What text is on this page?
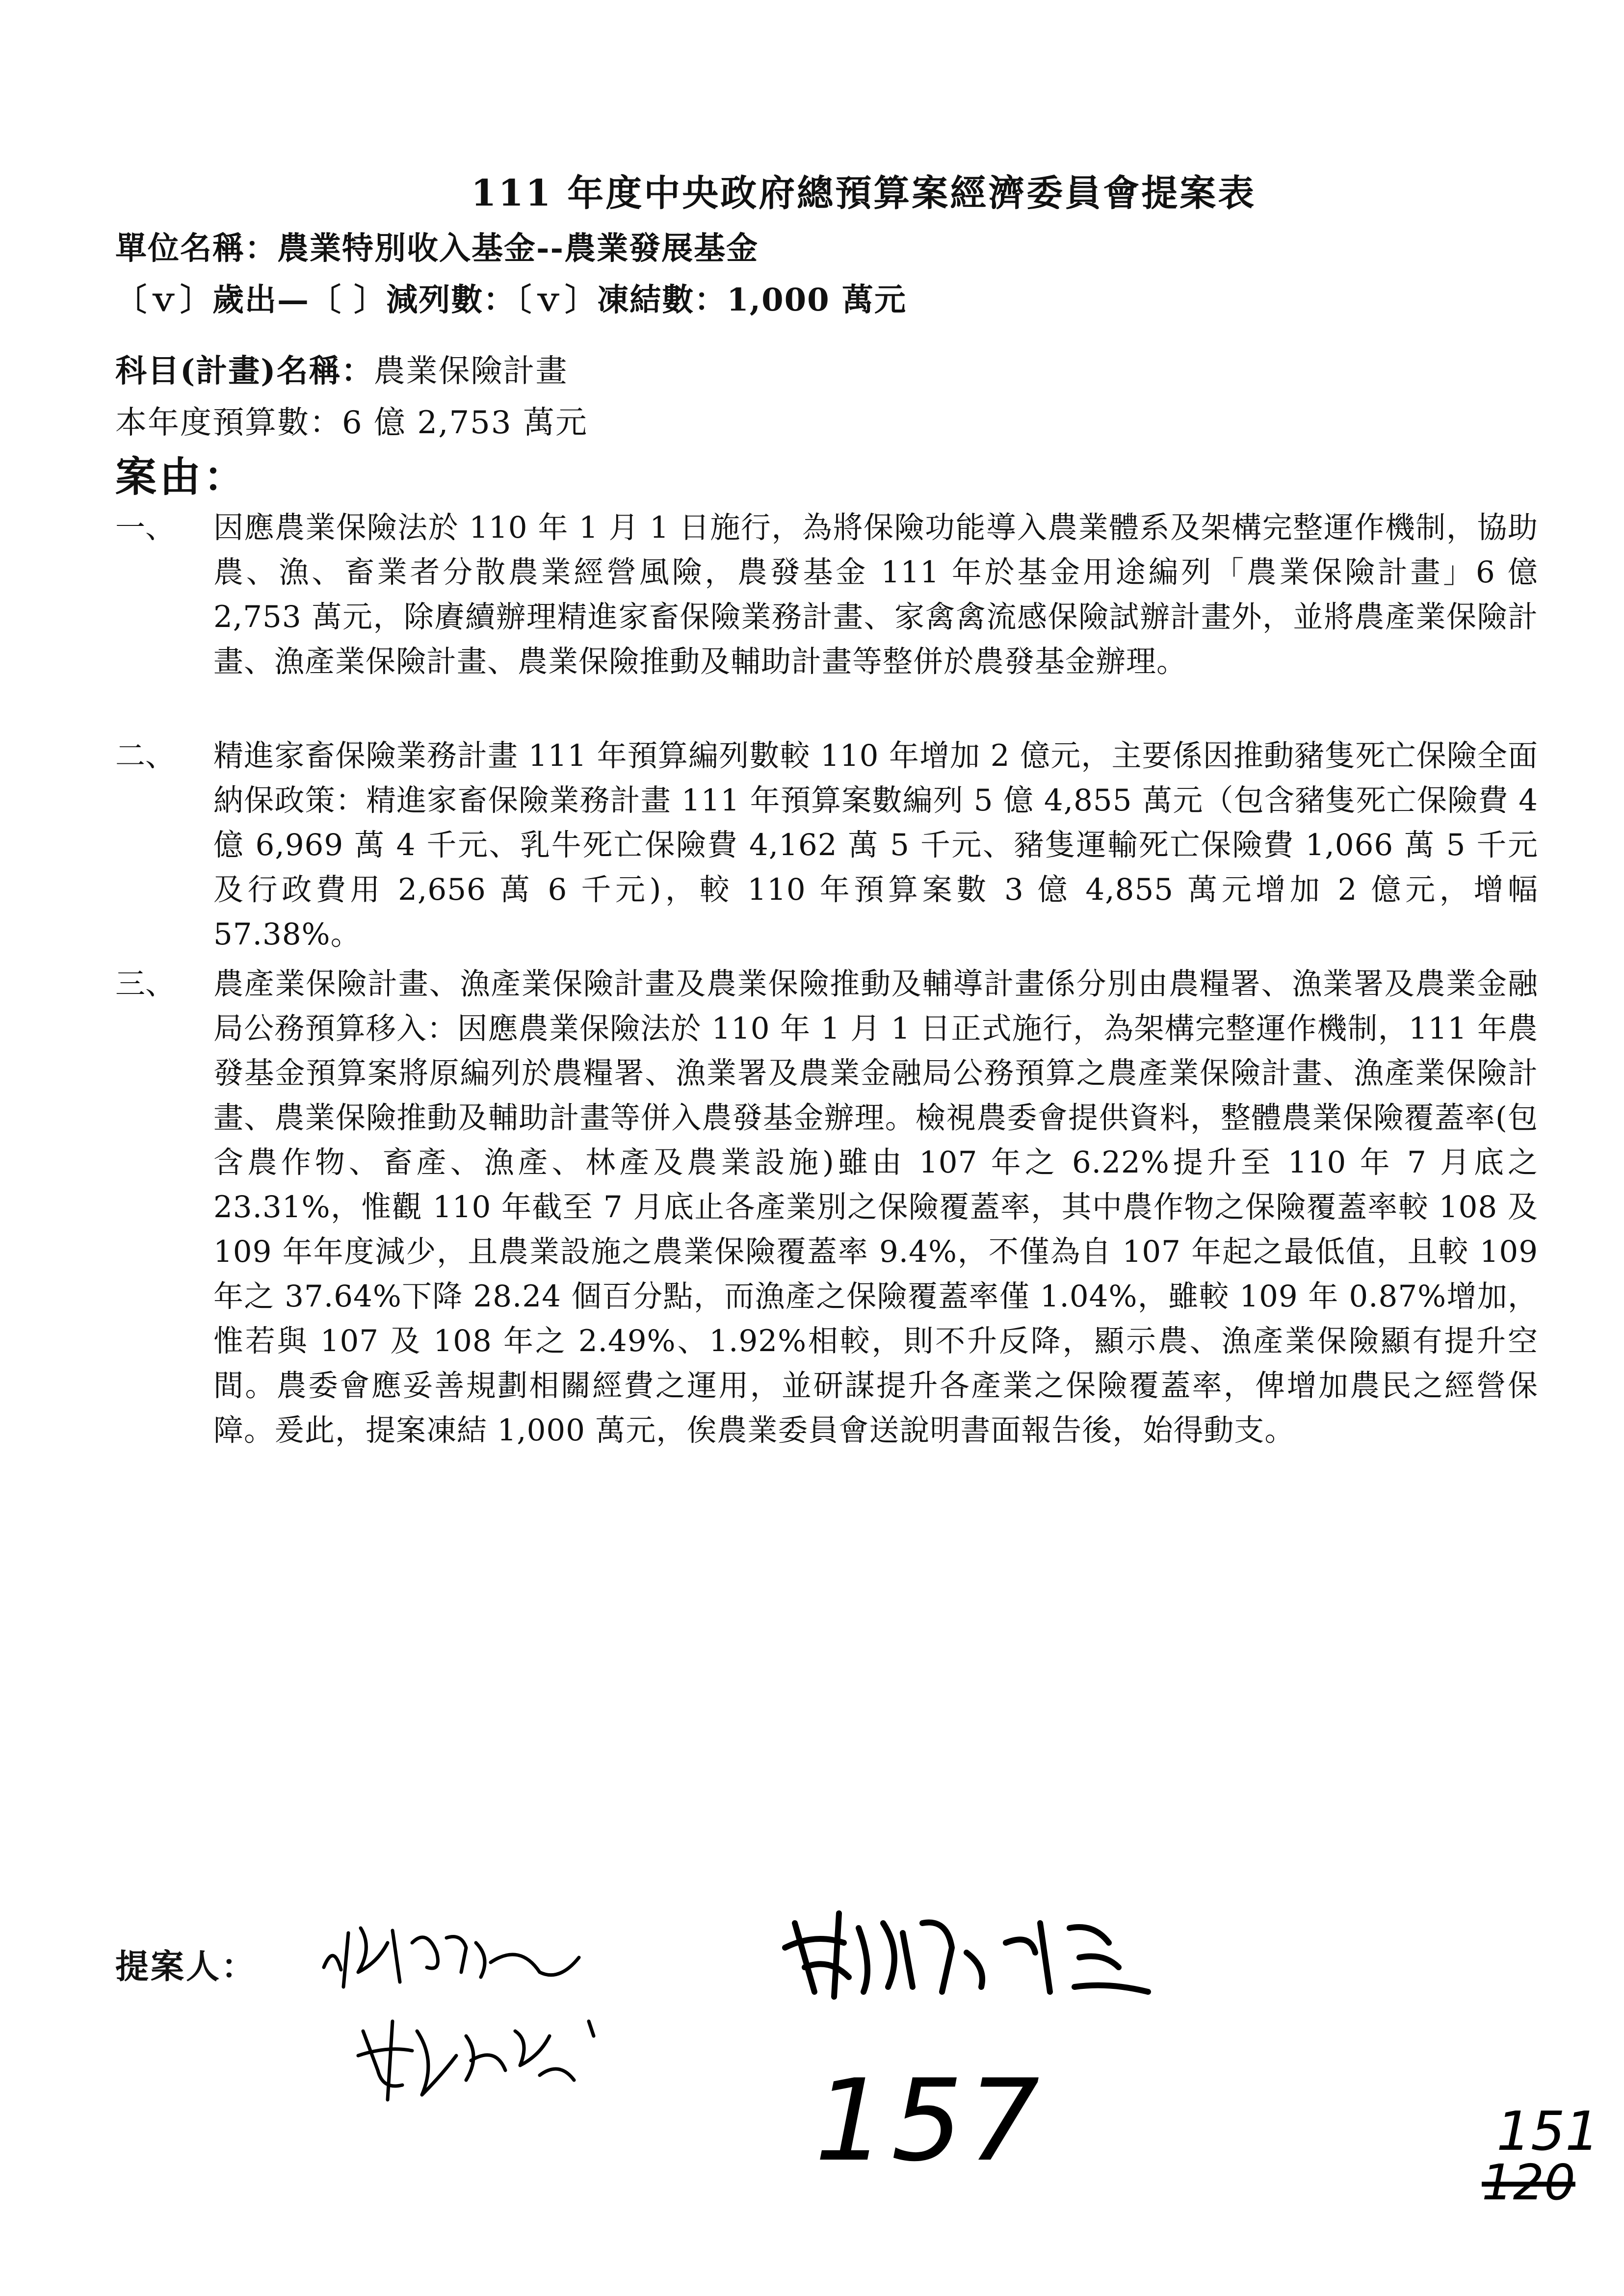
111 年度中央政府總預算案經濟委員會提案表
單位名稱：農業特別收入基金--農業發展基金
〔ｖ〕歲出—〔 〕減列數：〔ｖ〕凍結數：1,000 萬元
科目(計畫)名稱：農業保險計畫
本年度預算數：6 億 2,753 萬元
案由：
一、	因應農業保險法於 110 年 1 月 1 日施行，為將保險功能導入農業體系及架構完整運作機制，協助農、漁、畜業者分散農業經營風險，農發基金 111 年於基金用途編列「農業保險計畫」6 億 2,753 萬元，除賡續辦理精進家畜保險業務計畫、家禽禽流感保險試辦計畫外，並將農產業保險計畫、漁產業保險計畫、農業保險推動及輔助計畫等整併於農發基金辦理。
二、	精進家畜保險業務計畫 111 年預算編列數較 110 年增加 2 億元，主要係因推動豬隻死亡保險全面納保政策：精進家畜保險業務計畫 111 年預算案數編列 5 億 4,855 萬元（包含豬隻死亡保險費 4 億 6,969 萬 4 千元、乳牛死亡保險費 4,162 萬 5 千元、豬隻運輸死亡保險費 1,066 萬 5 千元及行政費用 2,656 萬 6 千元)，較 110 年預算案數 3 億 4,855 萬元增加 2 億元，增幅 57.38%。
三、	農產業保險計畫、漁產業保險計畫及農業保險推動及輔導計畫係分別由農糧署、漁業署及農業金融局公務預算移入：因應農業保險法於 110 年 1 月 1 日正式施行，為架構完整運作機制，111 年農發基金預算案將原編列於農糧署、漁業署及農業金融局公務預算之農產業保險計畫、漁產業保險計畫、農業保險推動及輔助計畫等併入農發基金辦理。檢視農委會提供資料，整體農業保險覆蓋率(包含農作物、畜產、漁產、林產及農業設施)雖由 107 年之 6.22%提升至 110 年 7 月底之 23.31%，惟觀 110 年截至 7 月底止各產業別之保險覆蓋率，其中農作物之保險覆蓋率較 108 及 109 年年度減少，且農業設施之農業保險覆蓋率 9.4%，不僅為自 107 年起之最低值，且較 109 年之 37.64%下降 28.24 個百分點，而漁產之保險覆蓋率僅 1.04%，雖較 109 年 0.87%增加，惟若與 107 及 108 年之 2.49%、1.92%相較，則不升反降，顯示農、漁產業保險顯有提升空間。農委會應妥善規劃相關經費之運用，並研謀提升各產業之保險覆蓋率，俾增加農民之經營保障。爰此，提案凍結 1,000 萬元，俟農業委員會送說明書面報告後，始得動支。
提案人：
157	151
120
